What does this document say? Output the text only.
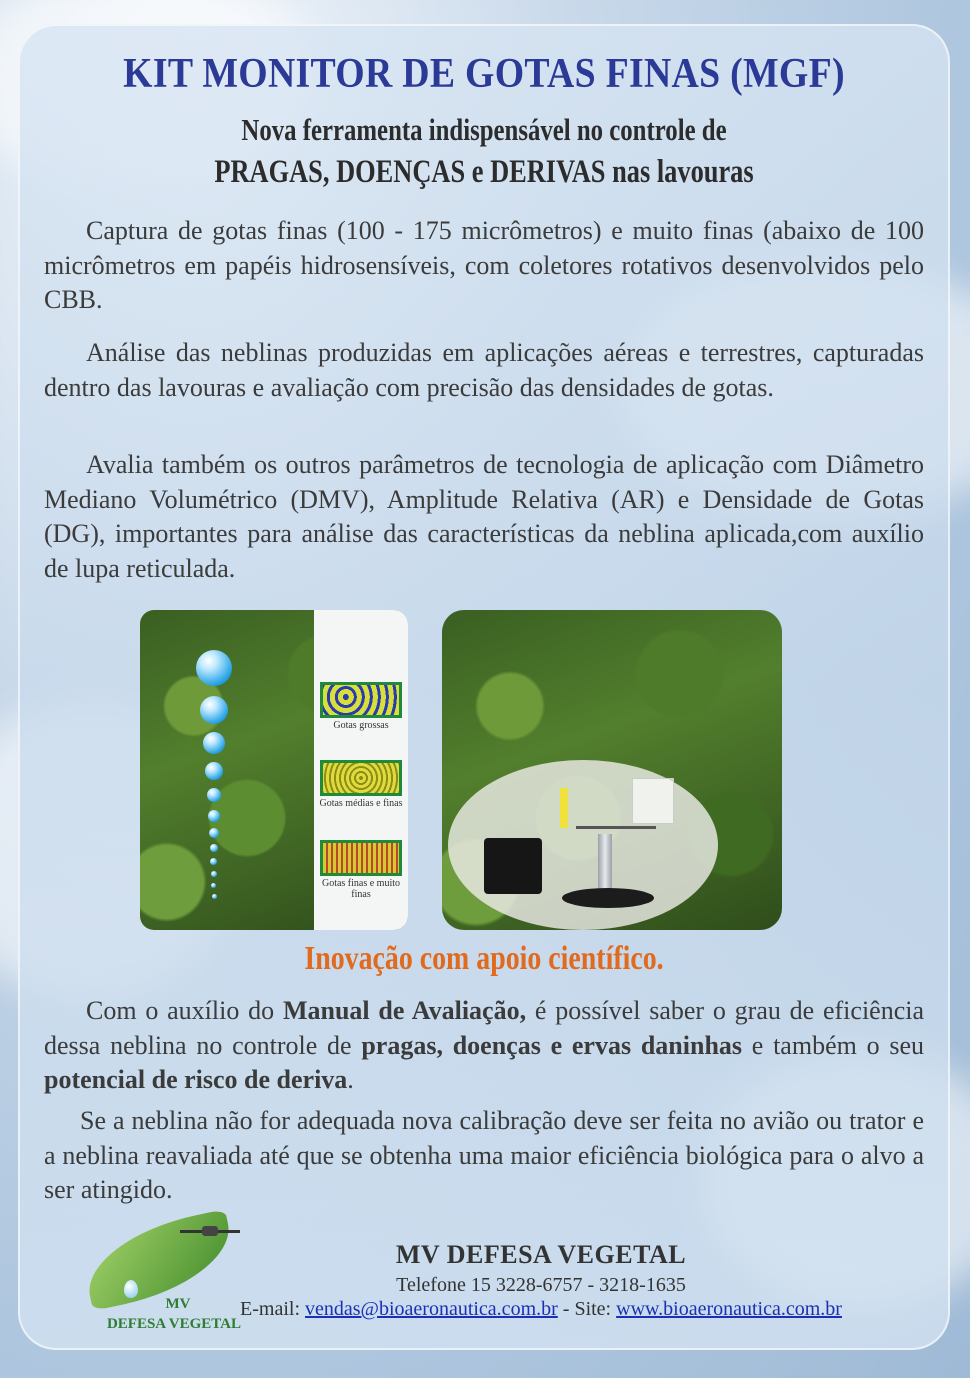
KIT MONITOR DE GOTAS FINAS (MGF)
Nova ferramenta indispensável no controle de
PRAGAS, DOENÇAS e DERIVAS nas lavouras

Captura de gotas finas (100 - 175 micrômetros) e muito finas (abaixo de 100 micrômetros em papéis hidrosensíveis, com coletores rotativos desenvolvidos pelo CBB.

Análise das neblinas produzidas em aplicações aéreas e terrestres, capturadas dentro das lavouras e avaliação com precisão das densidades de gotas.

Avalia também os outros parâmetros de tecnologia de aplicação com Diâmetro Mediano Volumétrico (DMV), Amplitude Relativa (AR) e Densidade de Gotas (DG), importantes para análise das características da neblina aplicada,com auxílio de lupa reticulada.

Gotas grossas
Gotas médias e finas
Gotas finas e muito finas
Inovação com apoio científico.

Com o auxílio do Manual de Avaliação, é possível saber o grau de eficiência dessa neblina no controle de pragas, doenças e ervas daninhas e também o seu potencial de risco de deriva.

Se a neblina não for adequada nova calibração deve ser feita no avião ou trator e a neblina reavaliada até que se obtenha uma maior eficiência biológica para o alvo a ser atingido.

MV
DEFESA VEGETAL
MV DEFESA VEGETAL
Telefone 15 3228-6757 - 3218-1635
E-mail: vendas@bioaeronautica.com.br - Site: www.bioaeronautica.com.br
